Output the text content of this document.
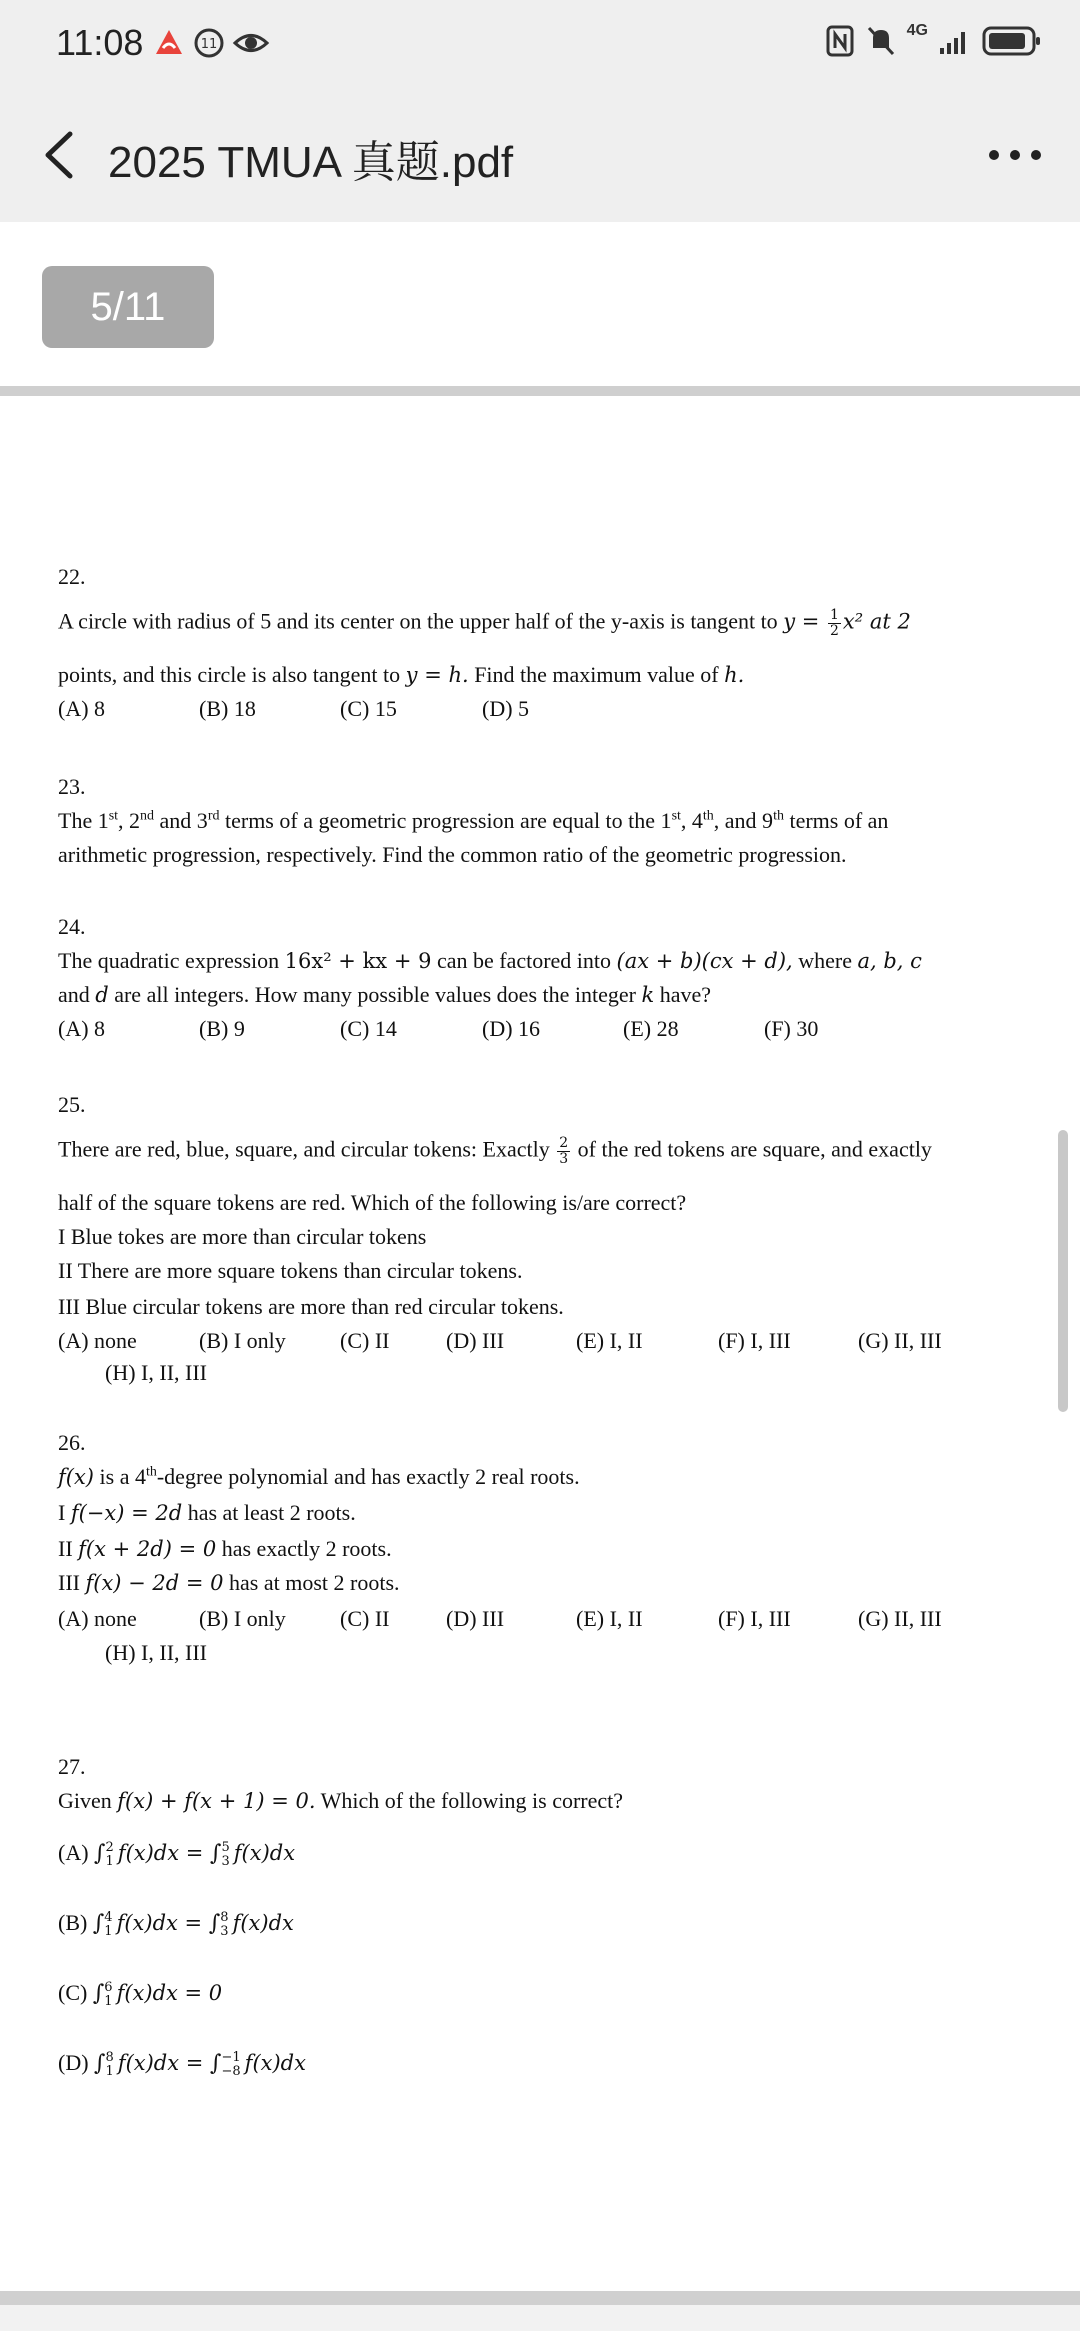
11:08	11
4G
2025 TMUA 真题.pdf
5/11
22.
A circle with radius of 5 and its center on the upper half of the y-axis is tangent to $y = \frac{1}{2} x^2$ at 2
points, and this circle is also tangent to y = h. Find the maximum value of h.
(A) 8	(B) 18	(C) 15	(D) 5
23.
The 1st, 2nd and 3rd terms of a geometric progression are equal to the 1st, 4th, and 9th terms of an
arithmetic progression, respectively. Find the common ratio of the geometric progression.
24.
The quadratic expression 16x² + kx + 9 can be factored into (ax + b)(cx + d), where a, b, c
and d are all integers. How many possible values does the integer k have?
(A) 8	(B) 9	(C) 14	(D) 16	(E) 28	(F) 30
25.
There are red, blue, square, and circular tokens: Exactly $\frac{2}{3}$ of the red tokens are square, and exactly
half of the square tokens are red. Which of the following is/are correct?
I Blue tokes are more than circular tokens
II There are more square tokens than circular tokens.
III Blue circular tokens are more than red circular tokens.
(A) none	(B) I only (C) II	(D) III	(E) I, II	(F) I, III	(G) II, III
(H) I, II, III
26.
f(x) is a 4th-degree polynomial and has exactly 2 real roots.
I f(−x) = 2d has at least 2 roots.
II f(x + 2d) = 0 has exactly 2 roots.
III f(x) − 2d = 0 has at most 2 roots.
(A) none	(B) I only (C) II	(D) III	(E) I, II	(F) I, III	(G) II, III
(H) I, II, III
27.
Given f(x) + f(x + 1) = 0. Which of the following is correct?
(A) ∫ 2
1 f(x)dx = ∫ 5
3 f(x)dx
(B) ∫ 4
1 f(x)dx = ∫ 8
3 f(x)dx
(C) ∫ 6
1 f(x)dx = 0
(D) ∫ 8
1 f(x)dx = ∫ −1
−8 f(x)dx
